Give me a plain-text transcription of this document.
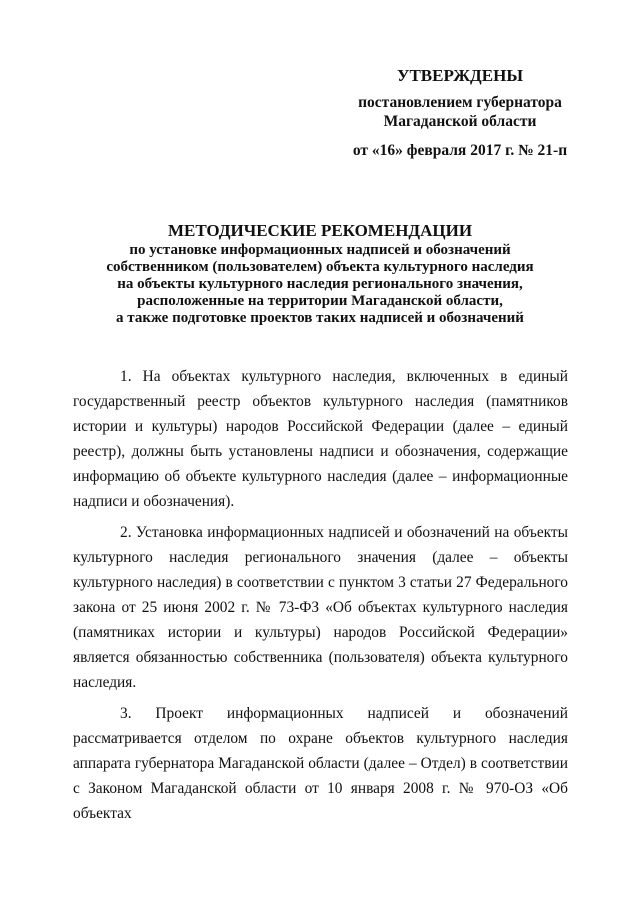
УТВЕРЖДЕНЫ
постановлением губернатора
Магаданской области
от «16» февраля 2017 г. № 21-п
МЕТОДИЧЕСКИЕ РЕКОМЕНДАЦИИ
по установке информационных надписей и обозначений
собственником (пользователем) объекта культурного наследия
на объекты культурного наследия регионального значения,
расположенные на территории Магаданской области,
а также подготовке проектов таких надписей и обозначений

1. На объектах культурного наследия, включенных в единый государственный реестр объектов культурного наследия (памятников истории и культуры) народов Российской Федерации (далее – единый реестр), должны быть установлены надписи и обозначения, содержащие информацию об объекте культурного наследия (далее – информационные надписи и обозначения).

2. Установка информационных надписей и обозначений на объекты культурного наследия регионального значения (далее – объекты культурного наследия) в соответствии с пунктом 3 статьи 27 Федерального закона от 25 июня 2002 г. № 73-ФЗ «Об объектах культурного наследия (памятниках истории и культуры) народов Российской Федерации» является обязанностью собственника (пользователя) объекта культурного наследия.

3. Проект информационных надписей и обозначений рассматривается отделом по охране объектов культурного наследия аппарата губернатора Магаданской области (далее – Отдел) в соответствии с Законом Магаданской области от 10 января 2008 г. № 970-ОЗ «Об объектах
